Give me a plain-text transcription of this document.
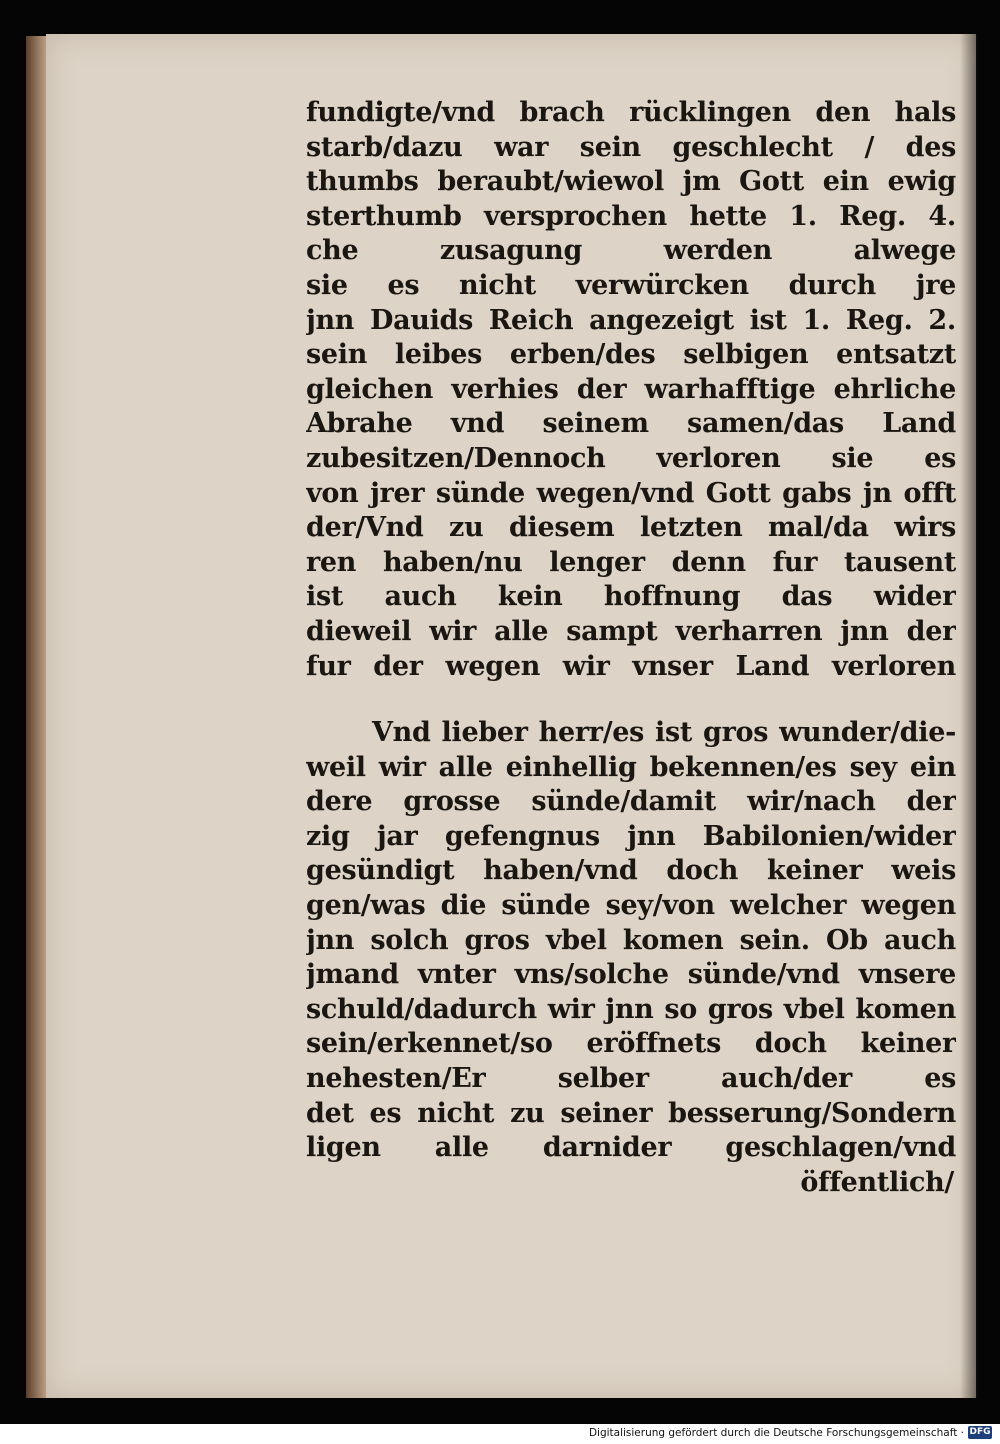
fundigte/vnd brach rücklingen den hals
starb/dazu war sein geschlecht / des
thumbs beraubt/wiewol jm Gott ein ewig
sterthumb versprochen hette 1. Reg. 4.
che zusagung werden alwege
sie es nicht verwürcken durch jre
jnn Dauids Reich angezeigt ist 1. Reg. 2.
sein leibes erben/des selbigen entsatzt
gleichen verhies der warhafftige ehrliche
Abrahe vnd seinem samen/das Land
zubesitzen/Dennoch verloren sie es
von jrer sünde wegen/vnd Gott gabs jn offt
der/Vnd zu diesem letzten mal/da wirs
ren haben/nu lenger denn fur tausent
ist auch kein hoffnung das wider
dieweil wir alle sampt verharren jnn der
fur der wegen wir vnser Land verloren
Vnd lieber herr/es ist gros wunder/die-
weil wir alle einhellig bekennen/es sey ein
dere grosse sünde/damit wir/nach der
zig jar gefengnus jnn Babilonien/wider
gesündigt haben/vnd doch keiner weis
gen/was die sünde sey/von welcher wegen
jnn solch gros vbel komen sein. Ob auch
jmand vnter vns/solche sünde/vnd vnsere
schuld/dadurch wir jnn so gros vbel komen
sein/erkennet/so eröffnets doch keiner
nehesten/Er selber auch/der es
det es nicht zu seiner besserung/Sondern
ligen alle darnider geschlagen/vnd
öffentlich/
Digitalisierung gefördert durch die Deutsche Forschungsgemeinschaft · DFG
